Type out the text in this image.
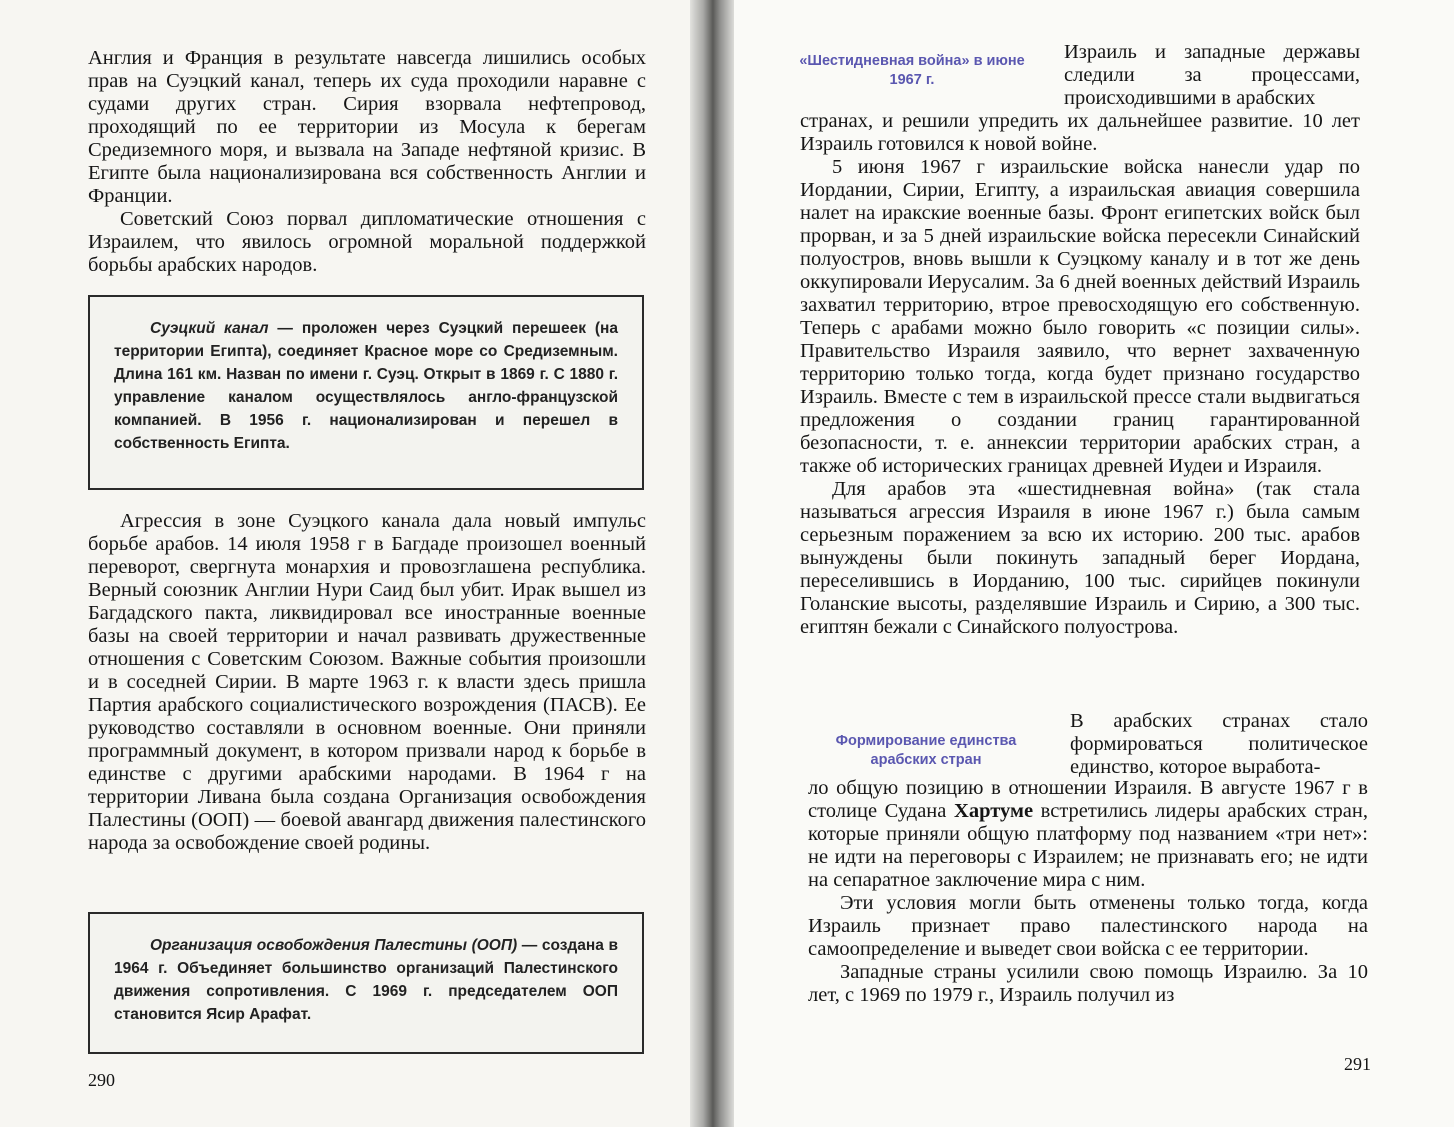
Англия и Франция в результате навсегда лишились особых прав на Суэцкий канал, теперь их суда проходили наравне с судами других стран. Сирия взорвала нефтепровод, проходящий по ее территории из Мосула к берегам Средиземного моря, и вызвала на Западе нефтяной кризис. В Египте была национализирована вся собственность Англии и Франции.

Советский Союз порвал дипломатические отношения с Израилем, что явилось огромной моральной поддержкой борьбы арабских народов.

Суэцкий канал — проложен через Суэцкий перешеек (на территории Египта), соединяет Красное море со Средиземным. Длина 161 км. Назван по имени г. Суэц. Открыт в 1869 г. С 1880 г. управление каналом осуществлялось англо-французской компанией. В 1956 г. национализирован и перешел в собственность Египта.

Агрессия в зоне Суэцкого канала дала новый импульс борьбе арабов. 14 июля 1958 г в Багдаде произошел военный переворот, свергнута монархия и провозглашена республика. Верный союзник Англии Нури Саид был убит. Ирак вышел из Багдадского пакта, ликвидировал все иностранные военные базы на своей территории и начал развивать дружественные отношения с Советским Союзом. Важные события произошли и в соседней Сирии. В марте 1963 г. к власти здесь пришла Партия арабского социалистического возрождения (ПАСВ). Ее руководство составляли в основном военные. Они приняли программный документ, в котором призвали народ к борьбе в единстве с другими арабскими народами. В 1964 г на территории Ливана была создана Организация освобождения Палестины (ООП) — боевой авангард движения палестинского народа за освобождение своей родины.

Организация освобождения Палестины (ООП) — создана в 1964 г. Объединяет большинство организаций Палестинского движения сопротивления. С 1969 г. председателем ООП становится Ясир Арафат.

290
«Шестидневная война» в июне 1967 г.

Израиль и западные державы следили за процессами, происходившими в арабских

странах, и решили упредить их дальнейшее развитие. 10 лет Израиль готовился к новой войне.

5 июня 1967 г израильские войска нанесли удар по Иордании, Сирии, Египту, а израильская авиация совершила налет на иракские военные базы. Фронт египетских войск был прорван, и за 5 дней израильские войска пересекли Синайский полуостров, вновь вышли к Суэцкому каналу и в тот же день оккупировали Иерусалим. За 6 дней военных действий Израиль захватил территорию, втрое превосходящую его собственную. Теперь с арабами можно было говорить «с позиции силы». Правительство Израиля заявило, что вернет захваченную территорию только тогда, когда будет признано государство Израиль. Вместе с тем в израильской прессе стали выдвигаться предложения о создании границ гарантированной безопасности, т. е. аннексии территории арабских стран, а также об исторических границах древней Иудеи и Израиля.

Для арабов эта «шестидневная война» (так стала называться агрессия Израиля в июне 1967 г.) была самым серьезным поражением за всю их историю. 200 тыс. арабов вынуждены были покинуть западный берег Иордана, переселившись в Иорданию, 100 тыс. сирийцев покинули Голанские высоты, разделявшие Израиль и Сирию, а 300 тыс. египтян бежали с Синайского полуострова.

Формирование единства арабских стран

В арабских странах стало формироваться политическое единство, которое выработа-

ло общую позицию в отношении Израиля. В августе 1967 г в столице Судана Хартуме встретились лидеры арабских стран, которые приняли общую платформу под названием «три нет»: не идти на переговоры с Израилем; не признавать его; не идти на сепаратное заключение мира с ним.

Эти условия могли быть отменены только тогда, когда Израиль признает право палестинского народа на самоопределение и выведет свои войска с ее территории.

Западные страны усилили свою помощь Израилю. За 10 лет, с 1969 по 1979 г., Израиль получил из

291
